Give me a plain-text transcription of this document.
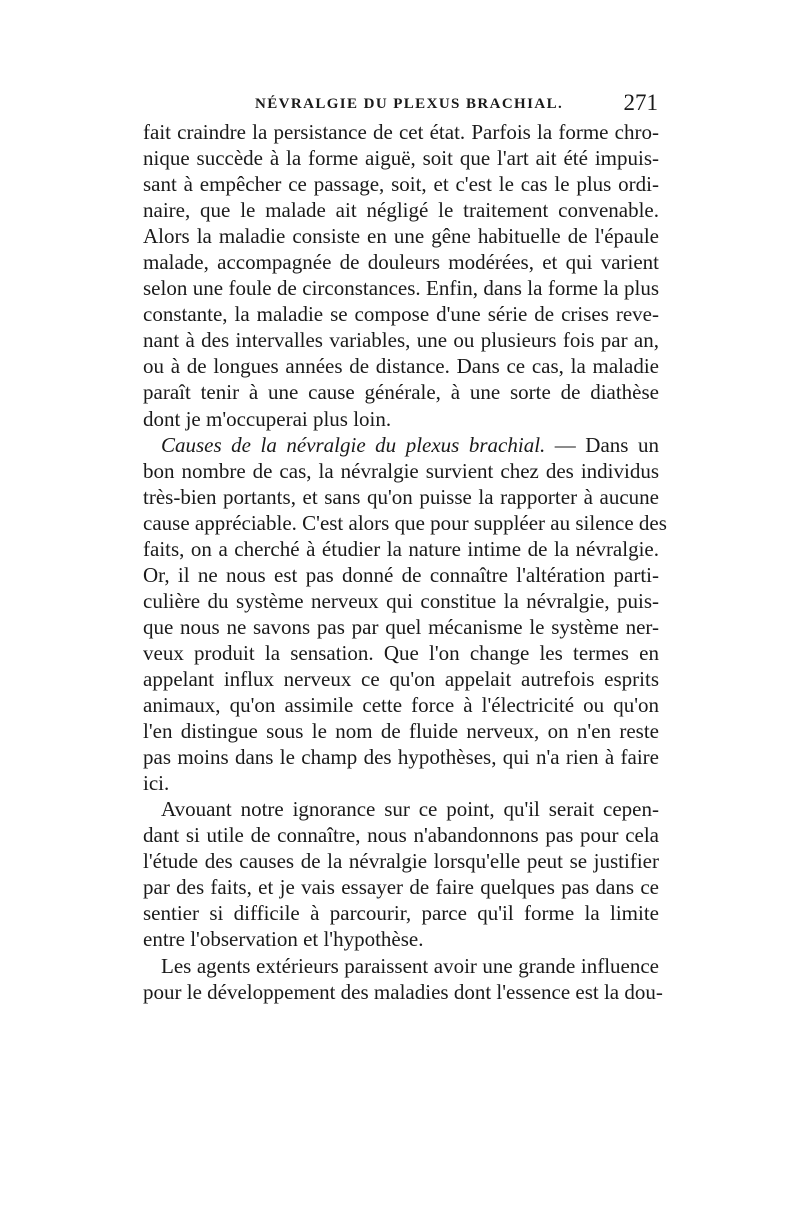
NÉVRALGIE DU PLEXUS BRACHIAL.	271
fait craindre la persistance de cet état. Parfois la forme chro-
nique succède à la forme aiguë, soit que l'art ait été impuis-
sant à empêcher ce passage, soit, et c'est le cas le plus ordi-
naire, que le malade ait négligé le traitement convenable.
Alors la maladie consiste en une gêne habituelle de l'épaule
malade, accompagnée de douleurs modérées, et qui varient
selon une foule de circonstances. Enfin, dans la forme la plus
constante, la maladie se compose d'une série de crises reve-
nant à des intervalles variables, une ou plusieurs fois par an,
ou à de longues années de distance. Dans ce cas, la maladie
paraît tenir à une cause générale, à une sorte de diathèse
dont je m'occuperai plus loin.
Causes de la névralgie du plexus brachial. — Dans un
bon nombre de cas, la névralgie survient chez des individus
très-bien portants, et sans qu'on puisse la rapporter à aucune
cause appréciable. C'est alors que pour suppléer au silence des
faits, on a cherché à étudier la nature intime de la névralgie.
Or, il ne nous est pas donné de connaître l'altération parti-
culière du système nerveux qui constitue la névralgie, puis-
que nous ne savons pas par quel mécanisme le système ner-
veux produit la sensation. Que l'on change les termes en
appelant influx nerveux ce qu'on appelait autrefois esprits
animaux, qu'on assimile cette force à l'électricité ou qu'on
l'en distingue sous le nom de fluide nerveux, on n'en reste
pas moins dans le champ des hypothèses, qui n'a rien à faire
ici.
Avouant notre ignorance sur ce point, qu'il serait cepen-
dant si utile de connaître, nous n'abandonnons pas pour cela
l'étude des causes de la névralgie lorsqu'elle peut se justifier
par des faits, et je vais essayer de faire quelques pas dans ce
sentier si difficile à parcourir, parce qu'il forme la limite
entre l'observation et l'hypothèse.
Les agents extérieurs paraissent avoir une grande influence
pour le développement des maladies dont l'essence est la dou-
